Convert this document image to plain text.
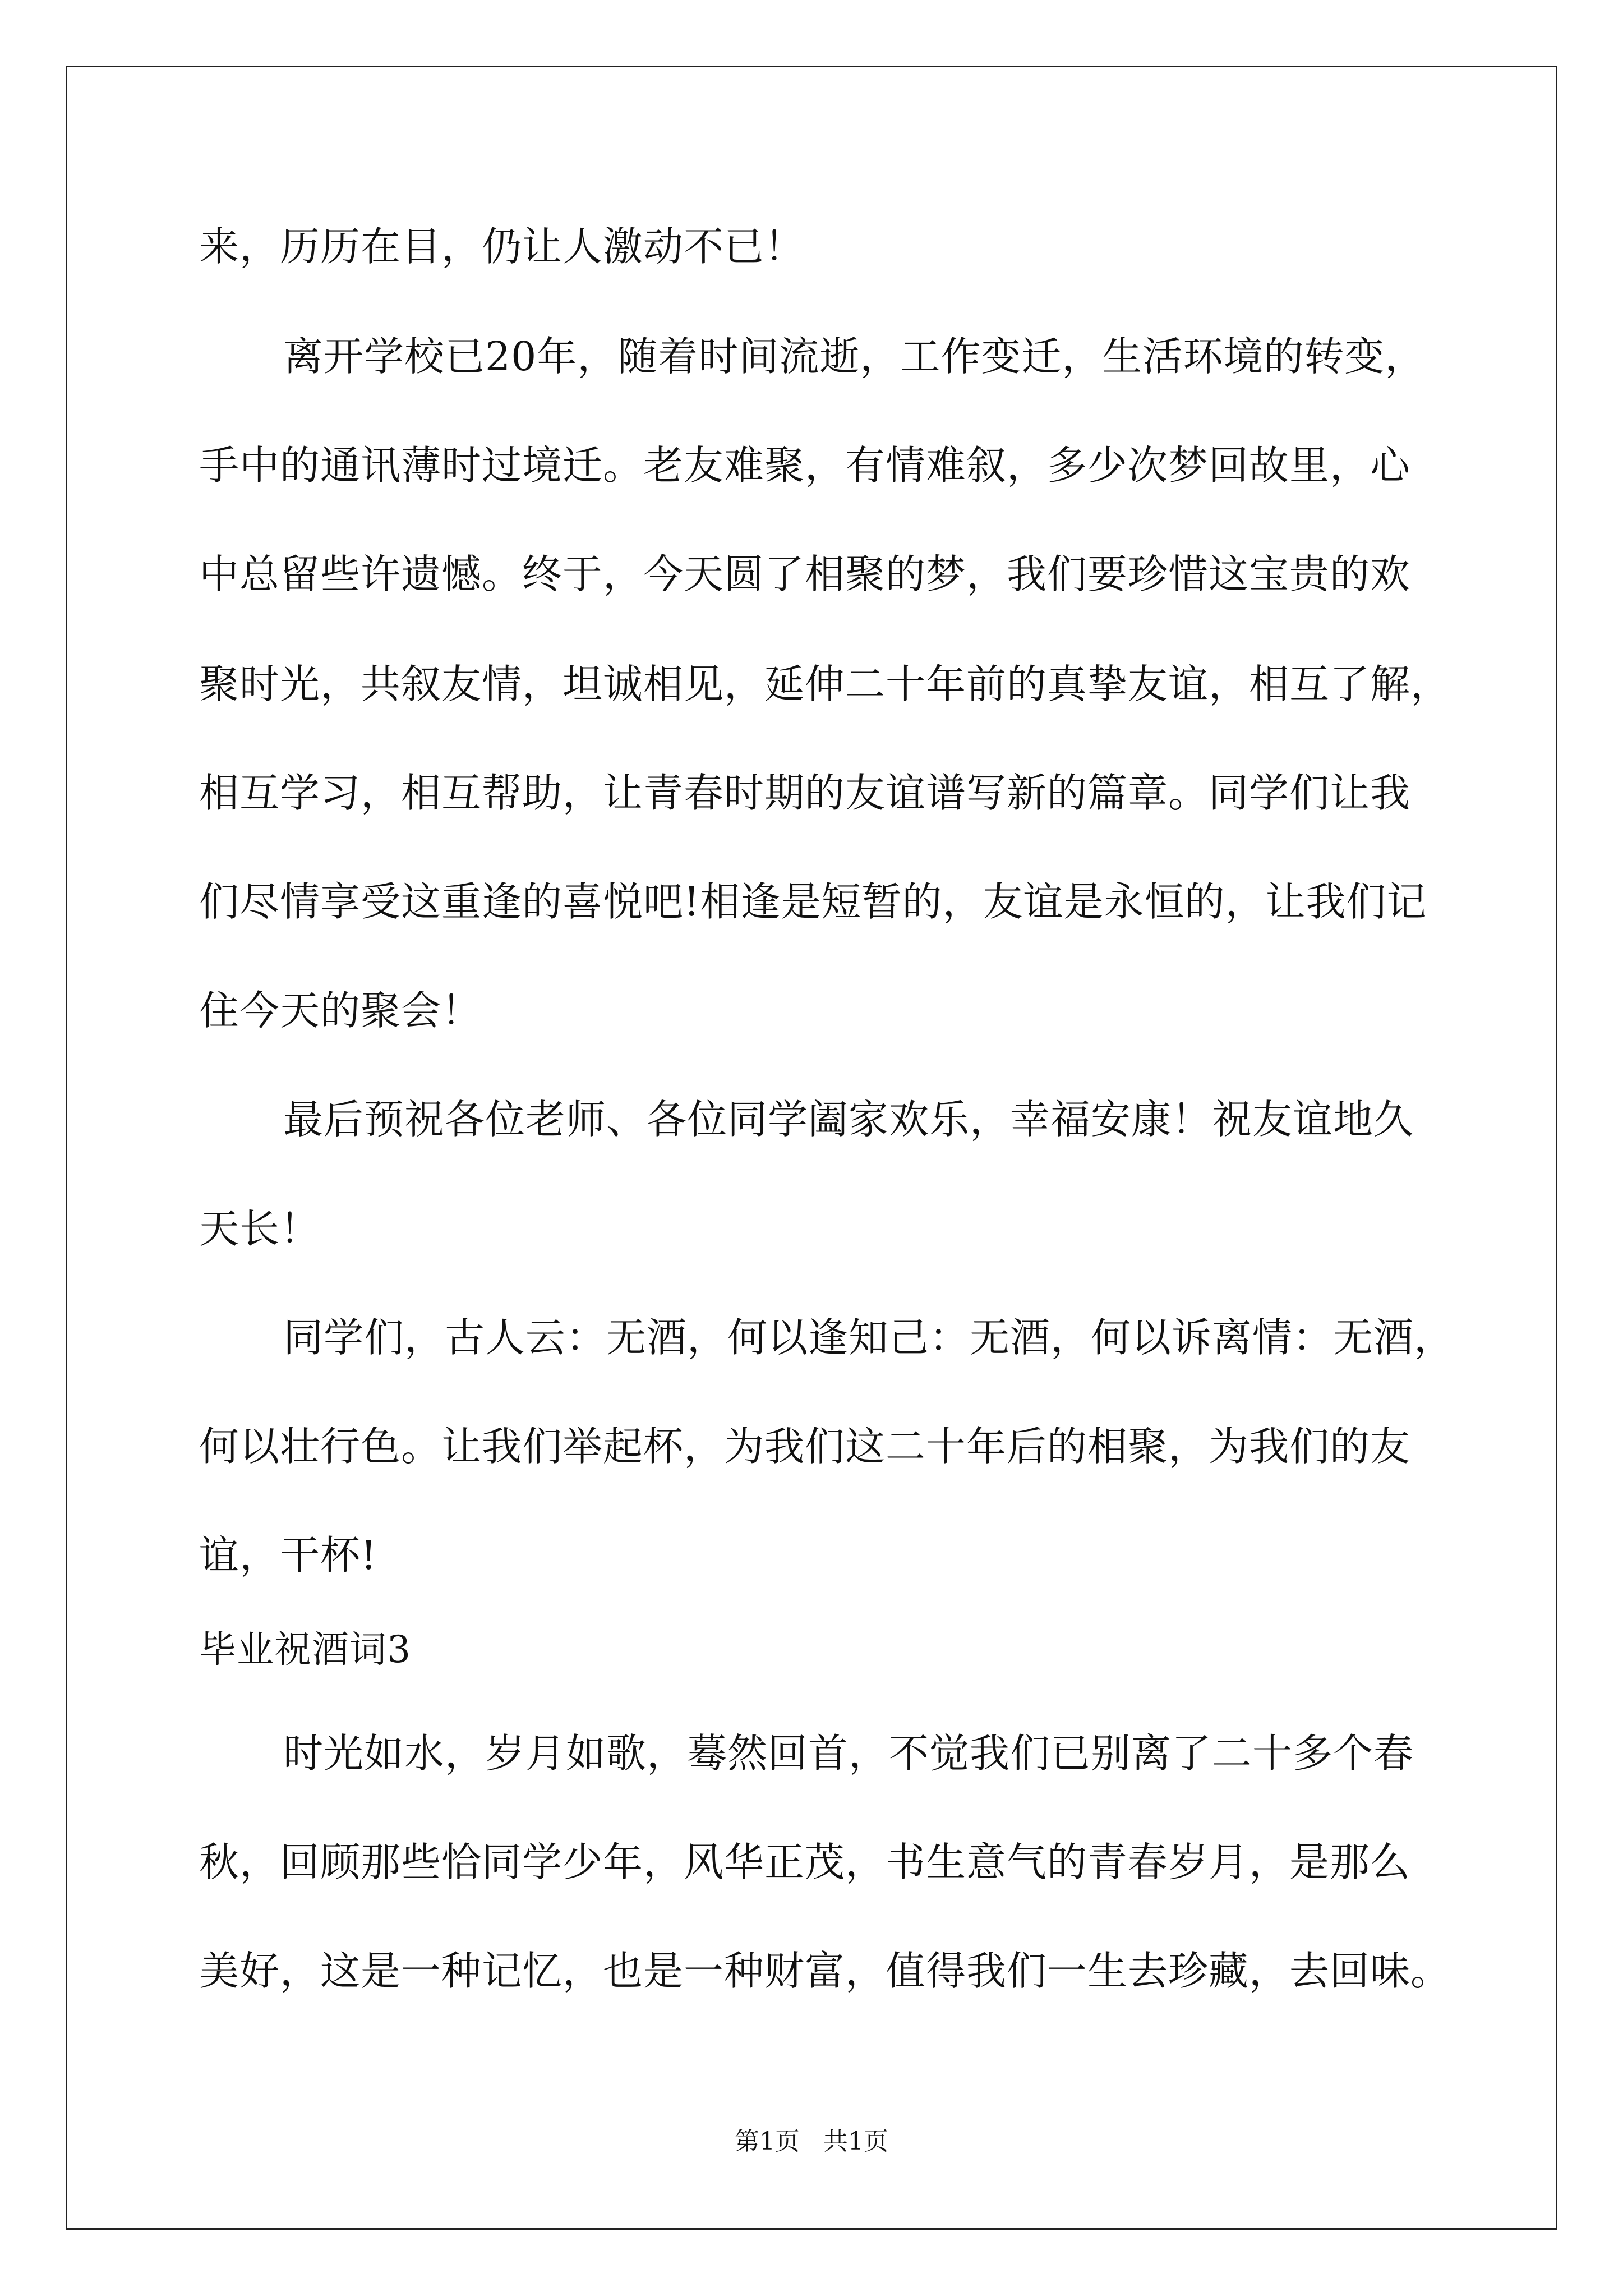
来，历历在目，仍让人激动不已！

离开学校已20年，随着时间流逝，工作变迁，生活环境的转变，

手中的通讯薄时过境迁。老友难聚，有情难叙，多少次梦回故里，心

中总留些许遗憾。终于，今天圆了相聚的梦，我们要珍惜这宝贵的欢

聚时光，共叙友情，坦诚相见，延伸二十年前的真挚友谊，相互了解，

相互学习，相互帮助，让青春时期的友谊谱写新的篇章。同学们让我

们尽情享受这重逢的喜悦吧!相逢是短暂的，友谊是永恒的，让我们记

住今天的聚会！

最后预祝各位老师、各位同学阖家欢乐，幸福安康！祝友谊地久

天长！

同学们，古人云：无酒，何以逢知己：无酒，何以诉离情：无酒，

何以壮行色。让我们举起杯，为我们这二十年后的相聚，为我们的友

谊，干杯!

毕业祝酒词3

时光如水，岁月如歌，蓦然回首，不觉我们已别离了二十多个春

秋，回顾那些恰同学少年，风华正茂，书生意气的青春岁月，是那么

美好，这是一种记忆，也是一种财富，值得我们一生去珍藏，去回味。

第1页   共1页
